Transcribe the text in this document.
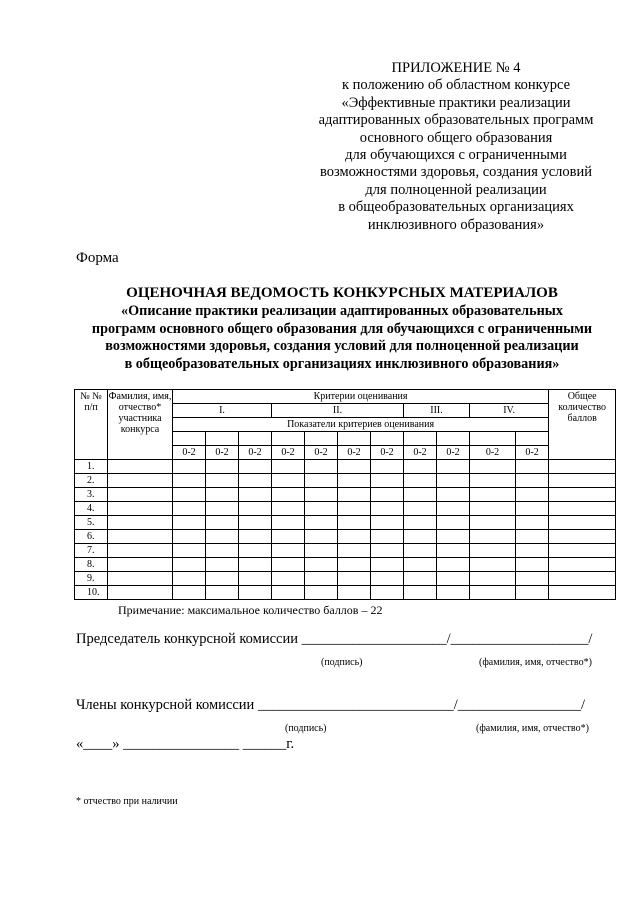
ПРИЛОЖЕНИЕ № 4
к положению об областном конкурсе
«Эффективные практики реализации
адаптированных образовательных программ
основного общего образования
для обучающихся с ограниченными
возможностями здоровья, создания условий
для полноценной реализации
в общеобразовательных организациях
инклюзивного образования»
Форма
ОЦЕНОЧНАЯ ВЕДОМОСТЬ КОНКУРСНЫХ МАТЕРИАЛОВ
«Описание практики реализации адаптированных образовательных
программ основного общего образования для обучающихся с ограниченными
возможностями здоровья, создания условий для полноценной реализации
в общеобразовательных организациях инклюзивного образования»
№ № п/п	Фамилия, имя, отчество* участника конкурса	Критерии оценивания											Общее количество баллов
		I.			II.				III.		IV.		
		Показатели критериев оценивания											

		0-2	0-2	0-2	0-2	0-2	0-2	0-2	0-2	0-2	0-2	0-2	
1.													
2.													
3.													
4.													
5.													
6.													
7.													
8.													
9.													
10.													
Примечание: максимальное количество баллов – 22
Председатель конкурсной комиссии ____________________/___________________/
(подпись)	(фамилия, имя, отчество*)
Члены конкурсной комиссии ___________________________/_________________/
(подпись)	(фамилия, имя, отчество*)
«____» ________________ ______г.
* отчество при наличии
